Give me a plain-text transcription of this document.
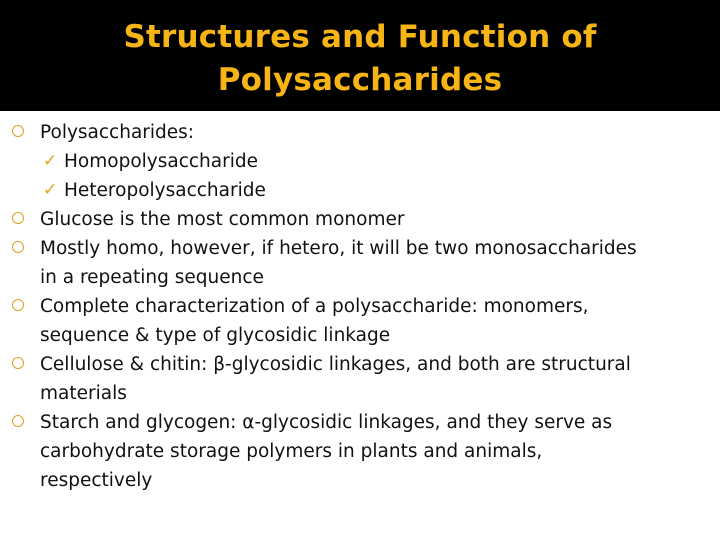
Structures and Function of
Polysaccharides
Polysaccharides:
✓ Homopolysaccharide
✓ Heteropolysaccharide
Glucose is the most common monomer
Mostly homo, however, if hetero, it will be two monosaccharides
in a repeating sequence
Complete characterization of a polysaccharide: monomers,
sequence & type of glycosidic linkage
Cellulose & chitin: β-glycosidic linkages, and both are structural
materials
Starch and glycogen: α-glycosidic linkages, and they serve as
carbohydrate storage polymers in plants and animals,
respectively
